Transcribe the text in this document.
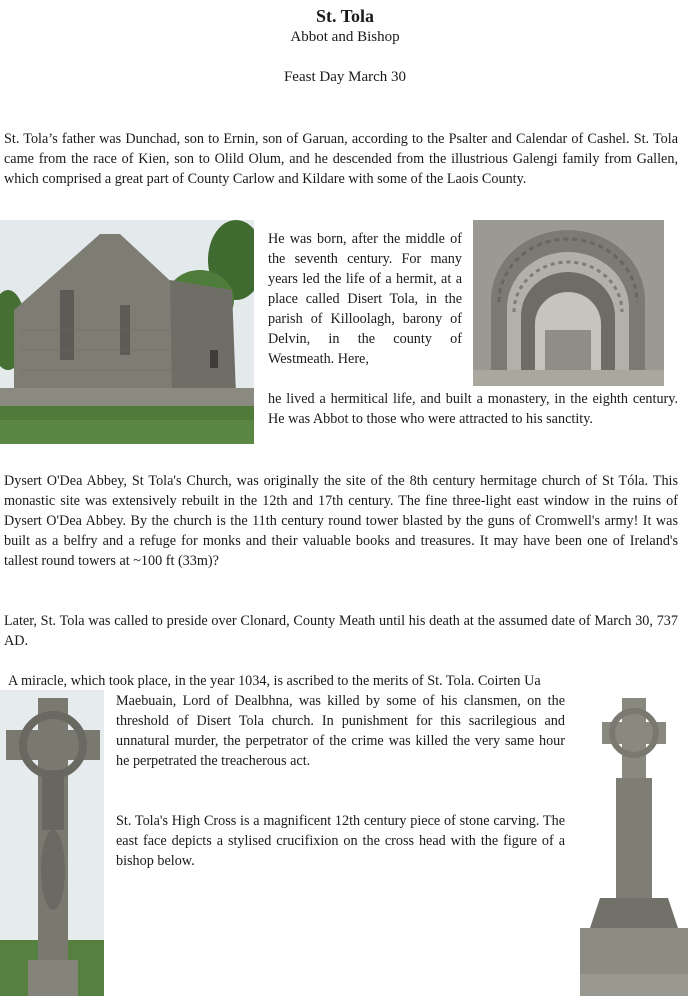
St. Tola
Abbot and Bishop
Feast Day March 30
St. Tola’s father was Dunchad, son to Ernin, son of Garuan, according to the Psalter and Calendar of Cashel. St. Tola came from the race of Kien, son to Olild Olum, and he descended from the illustrious Galengi family from Gallen, which comprised a great part of County Carlow and Kildare with some of the Laois County.
He was born, after the middle of the seventh century. For many years led the life of a hermit, at a place called Disert Tola, in the parish of Killoolagh, barony of Delvin, in the county of Westmeath. Here,
he lived a hermitical life, and built a monastery, in the eighth century. He was Abbot to those who were attracted to his sanctity.
Dysert O'Dea Abbey, St Tola's Church, was originally the site of the 8th century hermitage church of St Tóla. This monastic site was extensively rebuilt in the 12th and 17th century. The fine three-light east window in the ruins of Dysert O'Dea Abbey. By the church is the 11th century round tower blasted by the guns of Cromwell's army! It was built as a belfry and a refuge for monks and their valuable books and treasures. It may have been one of Ireland's tallest round towers at ~100 ft (33m)?
Later, St. Tola was called to preside over Clonard, County Meath until his death at the assumed date of March 30, 737 AD.
A miracle, which took place, in the year 1034, is ascribed to the merits of St. Tola. Coirten Ua
Maebuain, Lord of Dealbhna, was killed by some of his clansmen, on the threshold of Disert Tola church. In punishment for this sacrilegious and unnatural murder, the perpetrator of the crime was killed the very same hour he perpetrated the treacherous act.
St. Tola's High Cross is a magnificent 12th century piece of stone carving. The east face depicts a stylised crucifixion on the cross head with the figure of a bishop below.
